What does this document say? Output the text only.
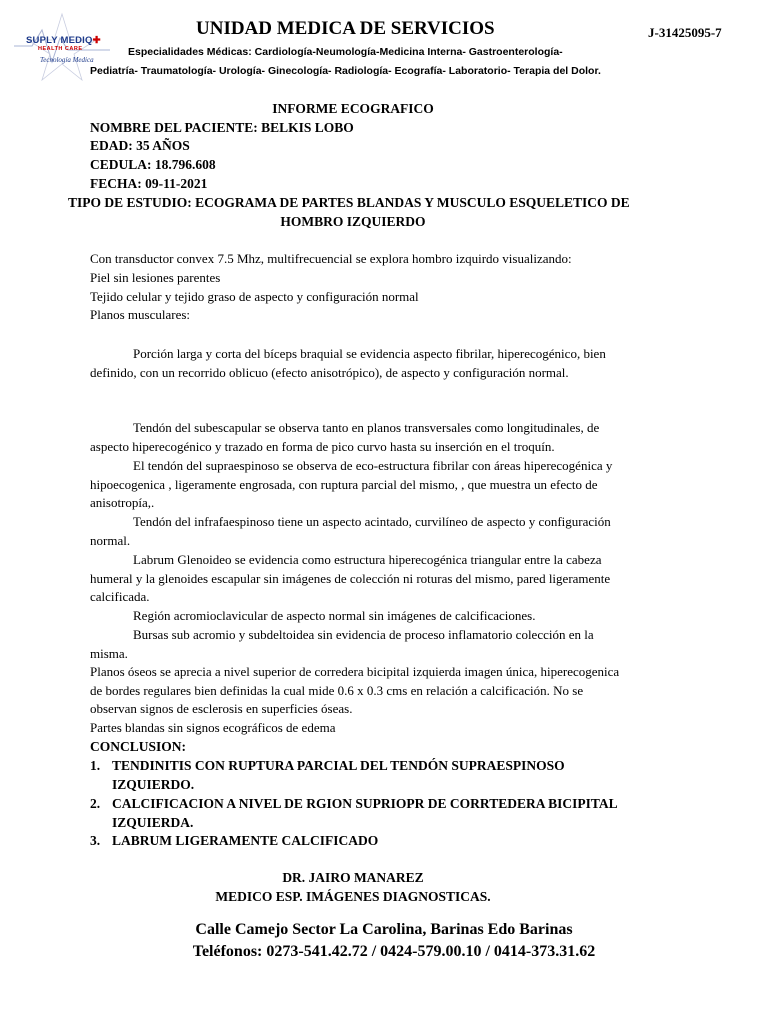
SUPLY MEDIQ✚
HEALTH CARE
Tecnología Medica
UNIDAD MEDICA DE SERVICIOS	J-31425095-7
Especialidades Médicas: Cardiología-Neumología-Medicina Interna- Gastroenterología-
Pediatría- Traumatología- Urología- Ginecología- Radiología- Ecografía- Laboratorio- Terapia del Dolor.
INFORME ECOGRAFICO
NOMBRE DEL PACIENTE: BELKIS LOBO
EDAD: 35 AÑOS
CEDULA: 18.796.608
FECHA: 09-11-2021
TIPO DE ESTUDIO: ECOGRAMA DE PARTES BLANDAS Y MUSCULO ESQUELETICO DE
HOMBRO IZQUIERDO
Con transductor convex 7.5 Mhz, multifrecuencial se explora hombro izquirdo visualizando:
Piel sin lesiones parentes
Tejido celular y tejido graso de aspecto y configuración normal
Planos musculares:
Porción larga y corta del bíceps braquial se evidencia aspecto fibrilar, hiperecogénico, bien
definido, con un recorrido oblicuo (efecto anisotrópico), de aspecto y configuración normal.
Tendón del subescapular se observa tanto en planos transversales como longitudinales, de
aspecto hiperecogénico y trazado en forma de pico curvo hasta su inserción en el troquín.
El tendón del supraespinoso se observa de eco-estructura fibrilar con áreas hiperecogénica y
hipoecogenica , ligeramente engrosada, con ruptura parcial del mismo, , que muestra un efecto de
anisotropía,.
Tendón del infrafaespinoso tiene un aspecto acintado, curvilíneo de aspecto y configuración
normal.
Labrum Glenoideo se evidencia como estructura hiperecogénica triangular entre la cabeza
humeral y la glenoides escapular sin imágenes de colección ni roturas del mismo, pared ligeramente
calcificada.
Región acromioclavicular de aspecto normal sin imágenes de calcificaciones.
Bursas sub acromio y subdeltoidea sin evidencia de proceso inflamatorio colección en la
misma.
Planos óseos se aprecia a nivel superior de corredera bicipital izquierda imagen única, hiperecogenica
de bordes regulares bien definidas la cual mide 0.6 x 0.3 cms en relación a calcificación. No se
observan signos de esclerosis en superficies óseas.
Partes blandas sin signos ecográficos de edema
CONCLUSION:
1. TENDINITIS CON RUPTURA PARCIAL DEL TENDÓN SUPRAESPINOSO
IZQUIERDO.
2. CALCIFICACION A NIVEL DE RGION SUPRIOPR DE CORRTEDERA BICIPITAL
IZQUIERDA.
3. LABRUM LIGERAMENTE CALCIFICADO
DR. JAIRO MANAREZ
MEDICO ESP. IMÁGENES DIAGNOSTICAS.
Calle Camejo Sector La Carolina, Barinas Edo Barinas
Teléfonos: 0273-541.42.72 / 0424-579.00.10 / 0414-373.31.62
